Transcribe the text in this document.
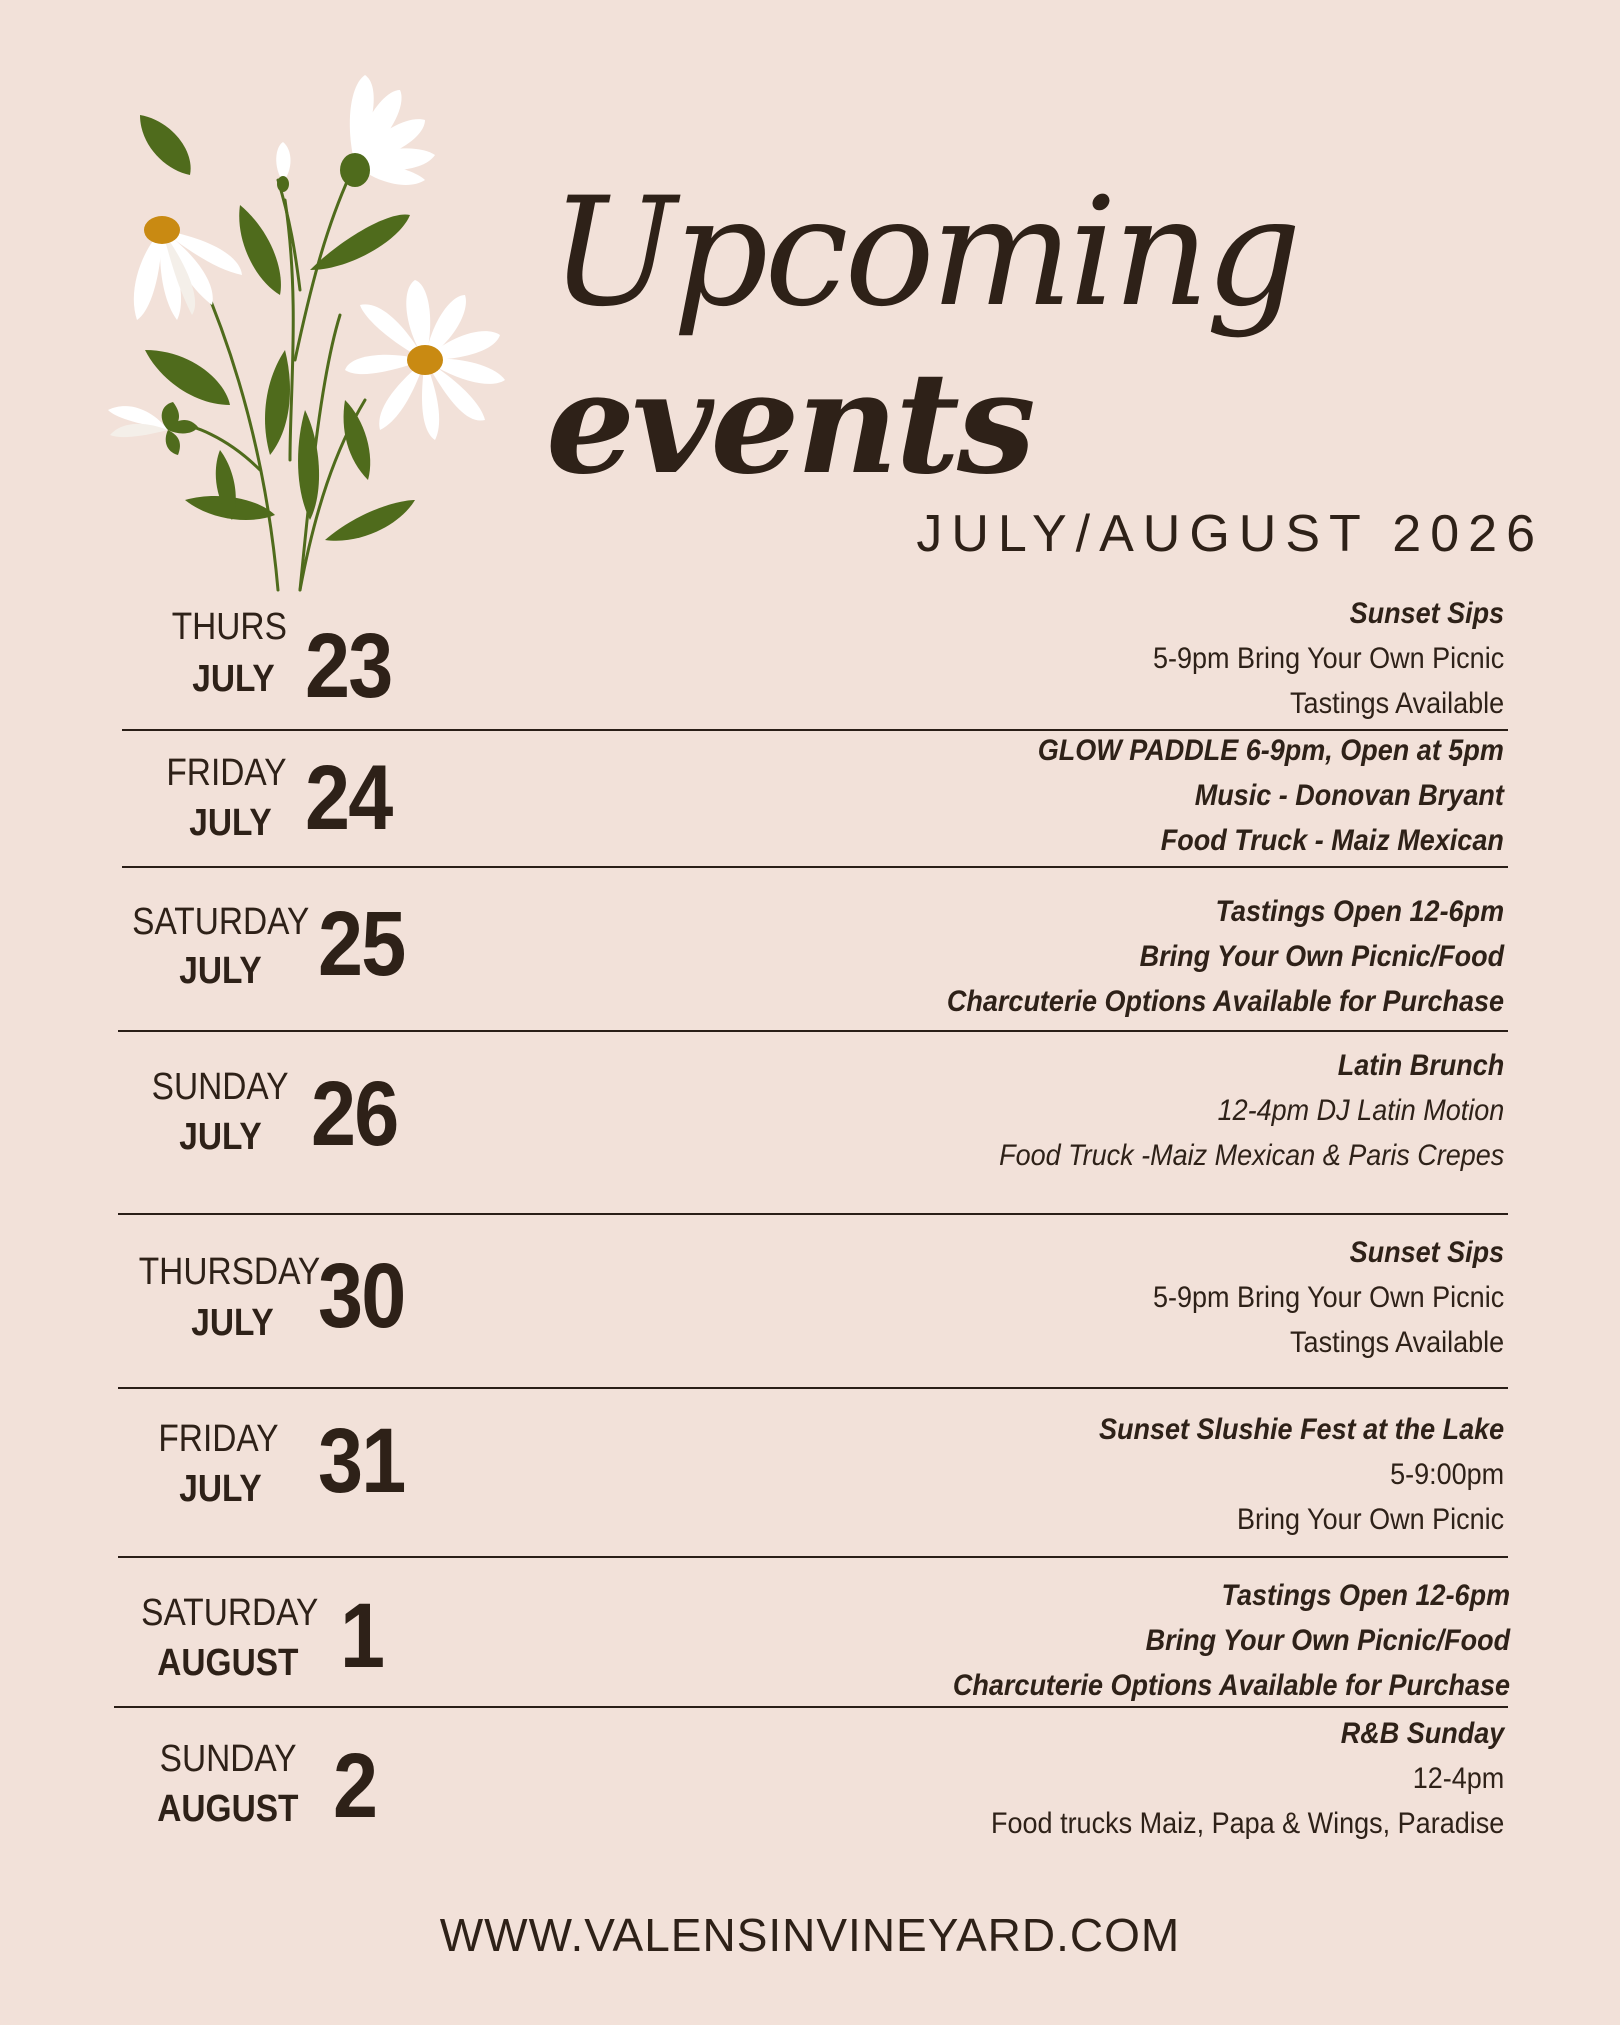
Upcoming
events
JULY/AUGUST 2026
THURS
JULY 23
Sunset Sips
5-9pm Bring Your Own Picnic
Tastings Available
FRIDAY
JULY 24	GLOW PADDLE 6-9pm, Open at 5pm
Music - Donovan Bryant
Food Truck - Maiz Mexican
SATURDAY
JULY 25	Tastings Open 12-6pm
Bring Your Own Picnic/Food
Charcuterie Options Available for Purchase
SUNDAY
JULY 26	Latin Brunch
12-4pm DJ Latin Motion
Food Truck -Maiz Mexican & Paris Crepes
THURSDAY
JULY 30	Sunset Sips
5-9pm Bring Your Own Picnic
Tastings Available
FRIDAY
JULY 31	Sunset Slushie Fest at the Lake
5-9:00pm
Bring Your Own Picnic
SATURDAY
AUGUST 1	Tastings Open 12-6pm
Bring Your Own Picnic/Food
Charcuterie Options Available for Purchase
SUNDAY
AUGUST 2
R&B Sunday
12-4pm
Food trucks Maiz, Papa & Wings, Paradise
WWW.VALENSINVINEYARD.COM
